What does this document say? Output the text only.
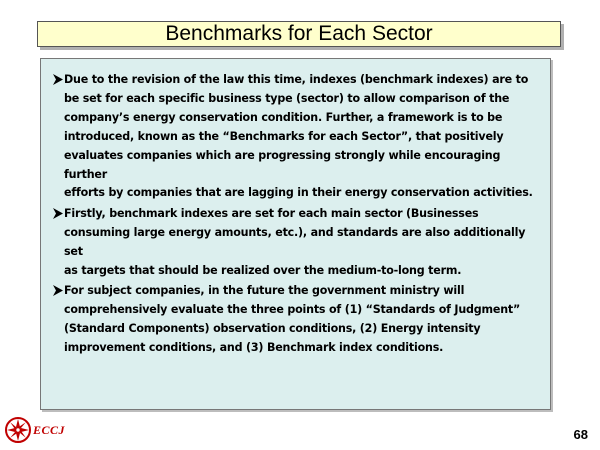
Benchmarks for Each Sector
Due to the revision of the law this time, indexes (benchmark indexes) are to
be set for each specific business type (sector) to allow comparison of the
company’s energy conservation condition. Further, a framework is to be
introduced, known as the “Benchmarks for each Sector”, that positively
evaluates companies which are progressing strongly while encouraging further
efforts by companies that are lagging in their energy conservation activities.
Firstly, benchmark indexes are set for each main sector (Businesses
consuming large energy amounts, etc.), and standards are also additionally set
as targets that should be realized over the medium-to-long term.
For subject companies, in the future the government ministry will
comprehensively evaluate the three points of (1) “Standards of Judgment”
(Standard Components) observation conditions, (2) Energy intensity
improvement conditions, and (3) Benchmark index conditions.
ECCJ	68
